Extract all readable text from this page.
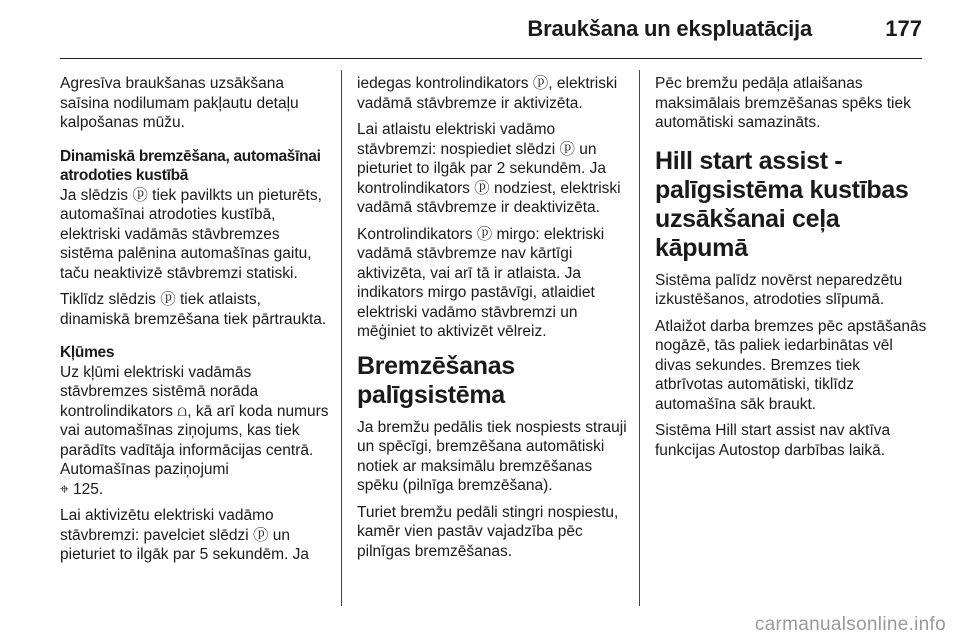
Braukšana un ekspluatācija	177

Agresīva braukšanas uzsākšana saīsina nodilumam pakļautu detaļu kalpošanas mūžu.

Dinamiskā bremzēšana, automašīnai atrodoties kustībā

Ja slēdzis ⓟ tiek pavilkts un pieturēts, automašīnai atrodoties kustībā, elektriski vadāmās stāvbremzes sistēma palēnina automašīnas gaitu, taču neaktivizē stāvbremzi statiski.

Tiklīdz slēdzis ⓟ tiek atlaists, dinamiskā bremzēšana tiek pārtraukta.

Kļūmes

Uz kļūmi elektriski vadāmās stāvbremzes sistēmā norāda kontrolindikators ⩍, kā arī koda numurs vai automašīnas ziņojums, kas tiek parādīts vadītāja informācijas centrā. Automašīnas paziņojumi
⌖ 125.

Lai aktivizētu elektriski vadāmo stāvbremzi: pavelciet slēdzi ⓟ un pieturiet to ilgāk par 5 sekundēm. Ja

iedegas kontrolindikators ⓟ, elektriski vadāmā stāvbremze ir aktivizēta.

Lai atlaistu elektriski vadāmo stāvbremzi: nospiediet slēdzi ⓟ un pieturiet to ilgāk par 2 sekundēm. Ja kontrolindikators ⓟ nodziest, elektriski vadāmā stāvbremze ir deaktivizēta.

Kontrolindikators ⓟ mirgo: elektriski vadāmā stāvbremze nav kārtīgi aktivizēta, vai arī tā ir atlaista. Ja indikators mirgo pastāvīgi, atlaidiet elektriski vadāmo stāvbremzi un mēģiniet to aktivizēt vēlreiz.

Bremzēšanas palīgsistēma

Ja bremžu pedālis tiek nospiests strauji un spēcīgi, bremzēšana automātiski notiek ar maksimālu bremzēšanas spēku (pilnīga bremzēšana).

Turiet bremžu pedāli stingri nospiestu, kamēr vien pastāv vajadzība pēc pilnīgas bremzēšanas.

Pēc bremžu pedāļa atlaišanas maksimālais bremzēšanas spēks tiek automātiski samazināts.

Hill start assist - palīgsistēma kustības uzsākšanai ceļa kāpumā

Sistēma palīdz novērst neparedzētu izkustēšanos, atrodoties slīpumā.

Atlaižot darba bremzes pēc apstāšanās nogāzē, tās paliek iedarbinātas vēl divas sekundes. Bremzes tiek atbrīvotas automātiski, tiklīdz automašīna sāk braukt.

Sistēma Hill start assist nav aktīva funkcijas Autostop darbības laikā.

carmanualsonline.info
